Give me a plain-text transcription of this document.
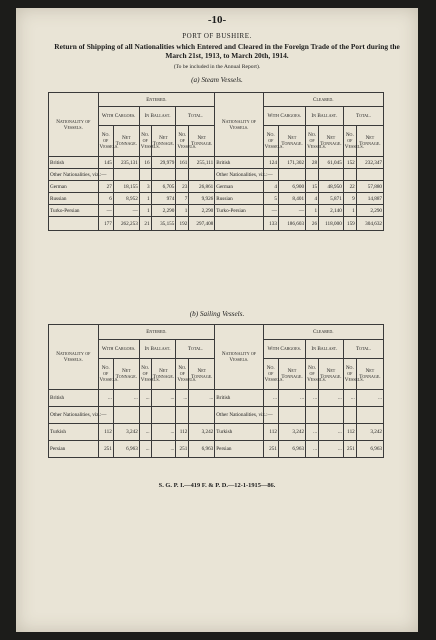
-10-
PORT OF BUSHIRE.
Return of Shipping of all Nationalities which Entered and Cleared in the Foreign Trade of the Port during the March 21st, 1913, to March 20th, 1914.
(To be included in the Annual Report).
(a) Steam Vessels.
Nationality of Vessels.	Entered.						Nationality of Vessels.	Cleared.					
	With Cargoes.		In Ballast.		Total.			With Cargoes.		In Ballast.		Total.	
	No. of Vessels.	Net Tonnage.	No. of Vessels.	Net Tonnage.	No. of Vessels.	Net Tonnage.		No. of Vessels.	Net Tonnage.	No. of Vessels.	Net Tonnage.	No. of Vessels.	Net Tonnage.
British	145	235,131	16	29,979	161	255,111	British	124	171,302	28	61,045	152	232,347
Other Nationalities, viz.:—							Other Nationalities, viz.:—						
German	27	18,155	3	6,705	23	26,861	German	4	6,900	15	48,950	22	57,880
Russian	6	8,952	1	974	7	9,926	Russian	5	8,401	4	5,871	9	14,887
Turko-Persian	—	—	1	2,290	1	2,290	Turko-Persian	—	—	1	2,140	1	2,290
	177	262,253	21	35,155	192	297,408		133	186,603	26	118,000	159	304,632
(b) Sailing Vessels.
Nationality of Vessels.	Entered.						Nationality of Vessels.	Cleared.					
	With Cargoes.		In Ballast.		Total.			With Cargoes.		In Ballast.		Total.	
	No. of Vessels.	Net Tonnage.	No. of Vessels.	Net Tonnage.	No. of Vessels.	Net Tonnage.		No. of Vessels.	Net Tonnage.	No. of Vessels.	Net Tonnage.	No. of Vessels.	Net Tonnage.
British	...	...	...	...	...	...	British	...	...	...	...	...	...
Other Nationalities, viz.:—							Other Nationalities, viz.:—						
Turkish	112	3,242	...	...	112	3,242	Turkish	112	3,242	...	...	112	3,242
Persian	251	6,963	...	...	251	6,963	Persian	251	6,963	...	...	251	6,963
S. G. P. I.—419 F. & P. D.—12-1-1915—86.
